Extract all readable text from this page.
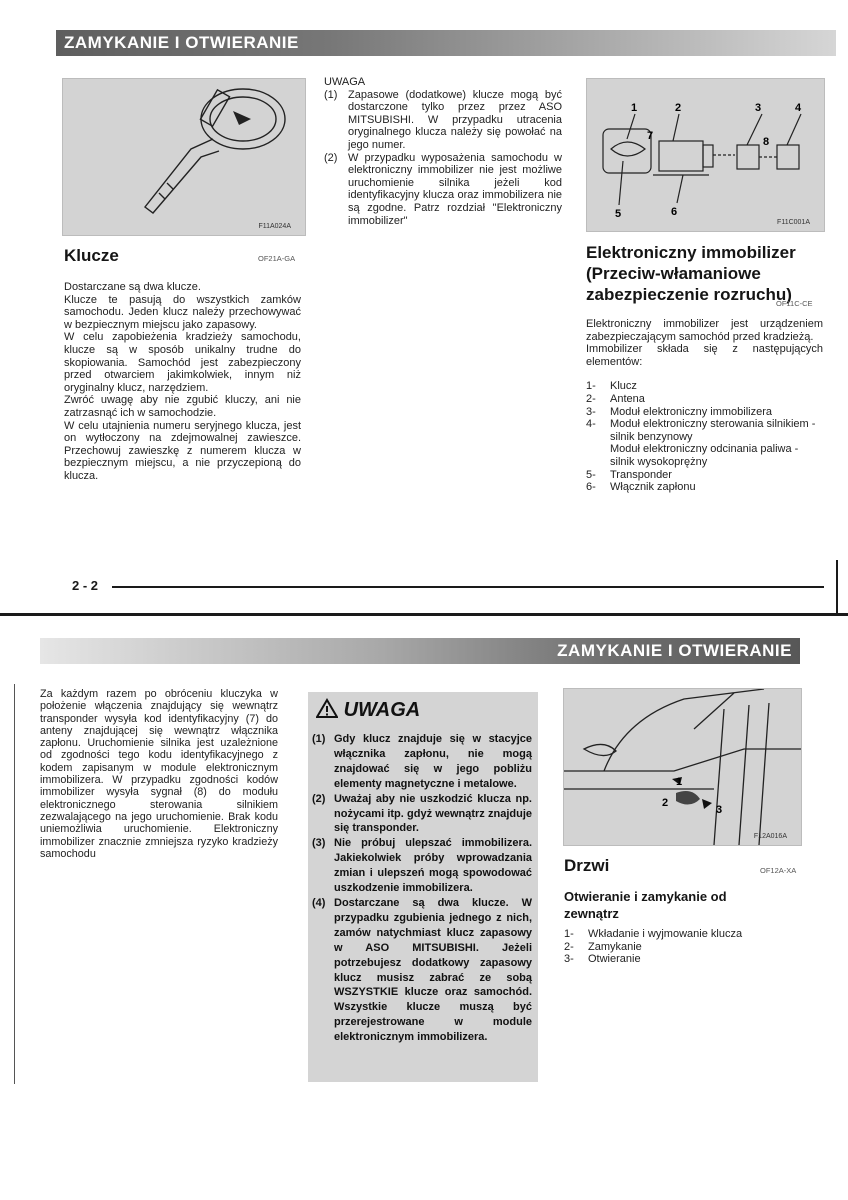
ZAMYKANIE I OTWIERANIE
F11A024A
Klucze	OF21A-GA

Dostarczane są dwa klucze.

Klucze te pasują do wszystkich zamków samochodu. Jeden klucz należy przechowywać w bezpiecznym miejscu jako zapasowy.

W celu zapobieżenia kradzieży samochodu, klucze są w sposób unikalny trudne do skopiowania. Samochód jest zabezpieczony przed otwarciem jakimkolwiek, innym niż oryginalny klucz, narzędziem.

Zwróć uwagę aby nie zgubić kluczy, ani nie zatrzasnąć ich w samochodzie.

W celu utajnienia numeru seryjnego klucza, jest on wytłoczony na zdejmowalnej zawieszce. Przechowuj zawieszkę z numerem klucza w bezpiecznym miejscu, a nie przyczepioną do klucza.

UWAGA

(1) Zapasowe (dodatkowe) klucze mogą być dostarczone tylko przez przez ASO MITSUBISHI. W przypadku utracenia oryginalnego klucza należy się powołać na jego numer.
(2) W przypadku wyposażenia samochodu w elektroniczny immobilizer nie jest możliwe uruchomienie silnika jeżeli kod identyfikacyjny klucza oraz immobilizera nie są zgodne. Patrz rozdział "Elektroniczny immobilizer"
1	2	3	4
5	6
7	8
F11C001A
Elektroniczny immobilizer
(Przeciw-włamaniowe
zabezpieczenie rozruchu)
OF11C-CE

Elektroniczny immobilizer jest urządzeniem zabezpieczającym samochód przed kradzieżą.

Immobilizer składa się z następujących elementów:

1-	Klucz
2-	Antena
3-	Moduł elektroniczny immobilizera
4-	Moduł elektroniczny sterowania silnikiem - silnik benzynowy
Moduł elektroniczny odcinania paliwa - silnik wysokoprężny
5-	Transponder
6-	Włącznik zapłonu
2 - 2
ZAMYKANIE I OTWIERANIE
Za każdym razem po obróceniu kluczyka w położenie włączenia znajdujący się wewnątrz transponder wysyła kod identyfikacyjny (7) do anteny znajdującej się wewnątrz włącznika zapłonu. Uruchomienie silnika jest uzależnione od zgodności tego kodu identyfikacyjnego z kodem zapisanym w module elektronicznym immobilizera. W przypadku zgodności kodów immobilizer wysyła sygnał (8) do modułu elektronicznego sterowania silnikiem zezwalającego na jego uruchomienie. Brak kodu uniemożliwia uruchomienie. Elektroniczny immobilizer znacznie zmniejsza ryzyko kradzieży samochodu
UWAGA
(1) Gdy klucz znajduje się w stacyjce włącznika zapłonu, nie mogą znajdować się w jego pobliżu elementy magnetyczne i metalowe.
(2) Uważaj aby nie uszkodzić klucza np. nożycami itp. gdyż wewnątrz znajduje się transponder.
(3) Nie próbuj ulepszać immobilizera. Jakiekolwiek próby wprowadzania zmian i ulepszeń mogą spowodować uszkodzenie immobilizera.
(4) Dostarczane są dwa klucze. W przypadku zgubienia jednego z nich, zamów natychmiast klucz zapasowy w ASO MITSUBISHI. Jeżeli potrzebujesz dodatkowy zapasowy klucz musisz zabrać ze sobą WSZYSTKIE klucze oraz samochód. Wszystkie klucze muszą być przerejestrowane w module elektronicznym immobilizera.
1
2
3
F12A016A
Drzwi	OF12A-XA
Otwieranie i zamykanie od zewnątrz
1-	Wkładanie i wyjmowanie klucza
2-	Zamykanie
3-	Otwieranie
